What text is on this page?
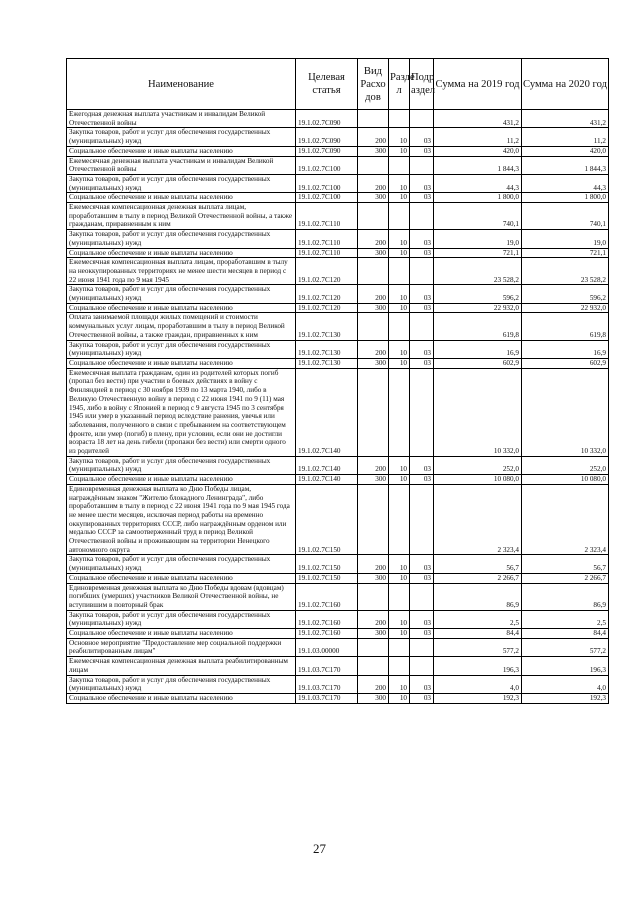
Наименование	Целевая статья	Вид Расхо дов	Разде л	Подр аздел	Сумма на 2019 год	Сумма на 2020 год
Ежегодная денежная выплата участникам и инвалидам Великой Отечественной войны	19.1.02.7С090				431,2	431,2
Закупка товаров, работ и услуг для обеспечения государственных (муниципальных) нужд	19.1.02.7С090	200	10	03	11,2	11,2
Социальное обеспечение и иные выплаты населению	19.1.02.7С090	300	10	03	420,0	420,0
Ежемесячная денежная выплата участникам и инвалидам Великой Отечественной войны	19.1.02.7С100				1 844,3	1 844,3
Закупка товаров, работ и услуг для обеспечения государственных (муниципальных) нужд	19.1.02.7С100	200	10	03	44,3	44,3
Социальное обеспечение и иные выплаты населению	19.1.02.7С100	300	10	03	1 800,0	1 800,0
Ежемесячная компенсационная денежная выплата лицам, проработавшим в тылу в период Великой Отечественной войны, а также гражданам, приравненным к ним	19.1.02.7С110				740,1	740,1
Закупка товаров, работ и услуг для обеспечения государственных (муниципальных) нужд	19.1.02.7С110	200	10	03	19,0	19,0
Социальное обеспечение и иные выплаты населению	19.1.02.7С110	300	10	03	721,1	721,1
Ежемесячная компенсационная выплата лицам, проработавшим в тылу на неоккупированных территориях не менее шести месяцев в период с 22 июня 1941 года по 9 мая 1945	19.1.02.7С120				23 528,2	23 528,2
Закупка товаров, работ и услуг для обеспечения государственных (муниципальных) нужд	19.1.02.7С120	200	10	03	596,2	596,2
Социальное обеспечение и иные выплаты населению	19.1.02.7С120	300	10	03	22 932,0	22 932,0
Оплата занимаемой площади жилых помещений и стоимости коммунальных услуг лицам, проработавшим в тылу в период Великой Отечественной войны, а также граждан, приравненных к ним	19.1.02.7С130				619,8	619,8
Закупка товаров, работ и услуг для обеспечения государственных (муниципальных) нужд	19.1.02.7С130	200	10	03	16,9	16,9
Социальное обеспечение и иные выплаты населению	19.1.02.7С130	300	10	03	602,9	602,9
Ежемесячная выплата гражданам, один из родителей которых погиб (пропал без вести) при участии в боевых действиях в войну с Финляндией в период с 30 ноября 1939 по 13 марта 1940, либо в Великую Отечественную войну в период с 22 июня 1941 по 9 (11) мая 1945, либо в войну с Японией в период с 9 августа 1945 по 3 сентября 1945 или умер в указанный период вследствие ранения, увечья или заболевания, полученного в связи с пребыванием на соответствующем фронте, или умер (погиб) в плену, при условии, если они не достигли возраста 18 лет на день гибели (пропажи без вести) или смерти одного из родителей	19.1.02.7С140				10 332,0	10 332,0
Закупка товаров, работ и услуг для обеспечения государственных (муниципальных) нужд	19.1.02.7С140	200	10	03	252,0	252,0
Социальное обеспечение и иные выплаты населению	19.1.02.7С140	300	10	03	10 080,0	10 080,0
Единовременная денежная выплата ко Дню Победы лицам, награждённым знаком "Жителю блокадного Ленинграда", либо проработавшим в тылу в период с 22 июня 1941 года по 9 мая 1945 года не менее шести месяцев, исключая период работы на временно оккупированных территориях СССР, либо награждённым орденом или медалью СССР за самоотверженный труд в период Великой Отечественной войны и проживающим на территории Ненецкого автономного округа	19.1.02.7С150				2 323,4	2 323,4
Закупка товаров, работ и услуг для обеспечения государственных (муниципальных) нужд	19.1.02.7С150	200	10	03	56,7	56,7
Социальное обеспечение и иные выплаты населению	19.1.02.7С150	300	10	03	2 266,7	2 266,7
Единовременная денежная выплата ко Дню Победы вдовам (вдовцам) погибших (умерших) участников Великой Отечественной войны, не вступившим в повторный брак	19.1.02.7С160				86,9	86,9
Закупка товаров, работ и услуг для обеспечения государственных (муниципальных) нужд	19.1.02.7С160	200	10	03	2,5	2,5
Социальное обеспечение и иные выплаты населению	19.1.02.7С160	300	10	03	84,4	84,4
Основное мероприятие "Предоставление мер социальной поддержки реабилитированным лицам"	19.1.03.00000				577,2	577,2
Ежемесячная компенсационная денежная выплата реабилитированным лицам	19.1.03.7С170				196,3	196,3
Закупка товаров, работ и услуг для обеспечения государственных (муниципальных) нужд	19.1.03.7С170	200	10	03	4,0	4,0
Социальное обеспечение и иные выплаты населению	19.1.03.7С170	300	10	03	192,3	192,3
27
